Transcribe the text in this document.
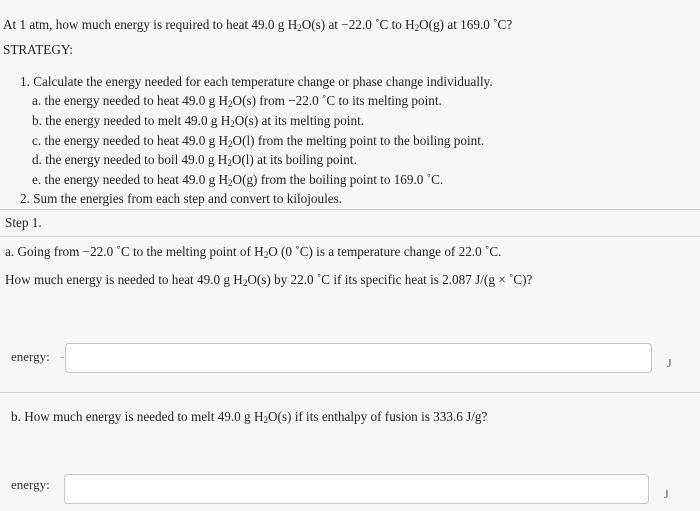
At 1 atm, how much energy is required to heat 49.0 g $H_2O(s)$ at −22.0 ˚C to $H_2O(g)$ at 169.0 ˚C?
STRATEGY:
1. Calculate the energy needed for each temperature change or phase change individually.
a. the energy needed to heat 49.0 g $H_2O(s)$ from −22.0 ˚C to its melting point.
b. the energy needed to melt 49.0 g $H_2O(s)$ at its melting point.
c. the energy needed to heat 49.0 g $H_2O(l)$ from the melting point to the boiling point.
d. the energy needed to boil 49.0 g $H_2O(l)$ at its boiling point.
e. the energy needed to heat 49.0 g $H_2O(g)$ from the boiling point to 169.0 ˚C.
2. Sum the energies from each step and convert to kilojoules.
Step 1.
a. Going from −22.0 ˚C to the melting point of $H_2O$ (0 ˚C) is a temperature change of 22.0 ˚C.
How much energy is needed to heat 49.0 g $H_2O(s)$ by 22.0 ˚C if its specific heat is 2.087 J/(g × ˚C)?
energy:	J
b. How much energy is needed to melt 49.0 g $H_2O(s)$ if its enthalpy of fusion is 333.6 J/g?
energy:
J
